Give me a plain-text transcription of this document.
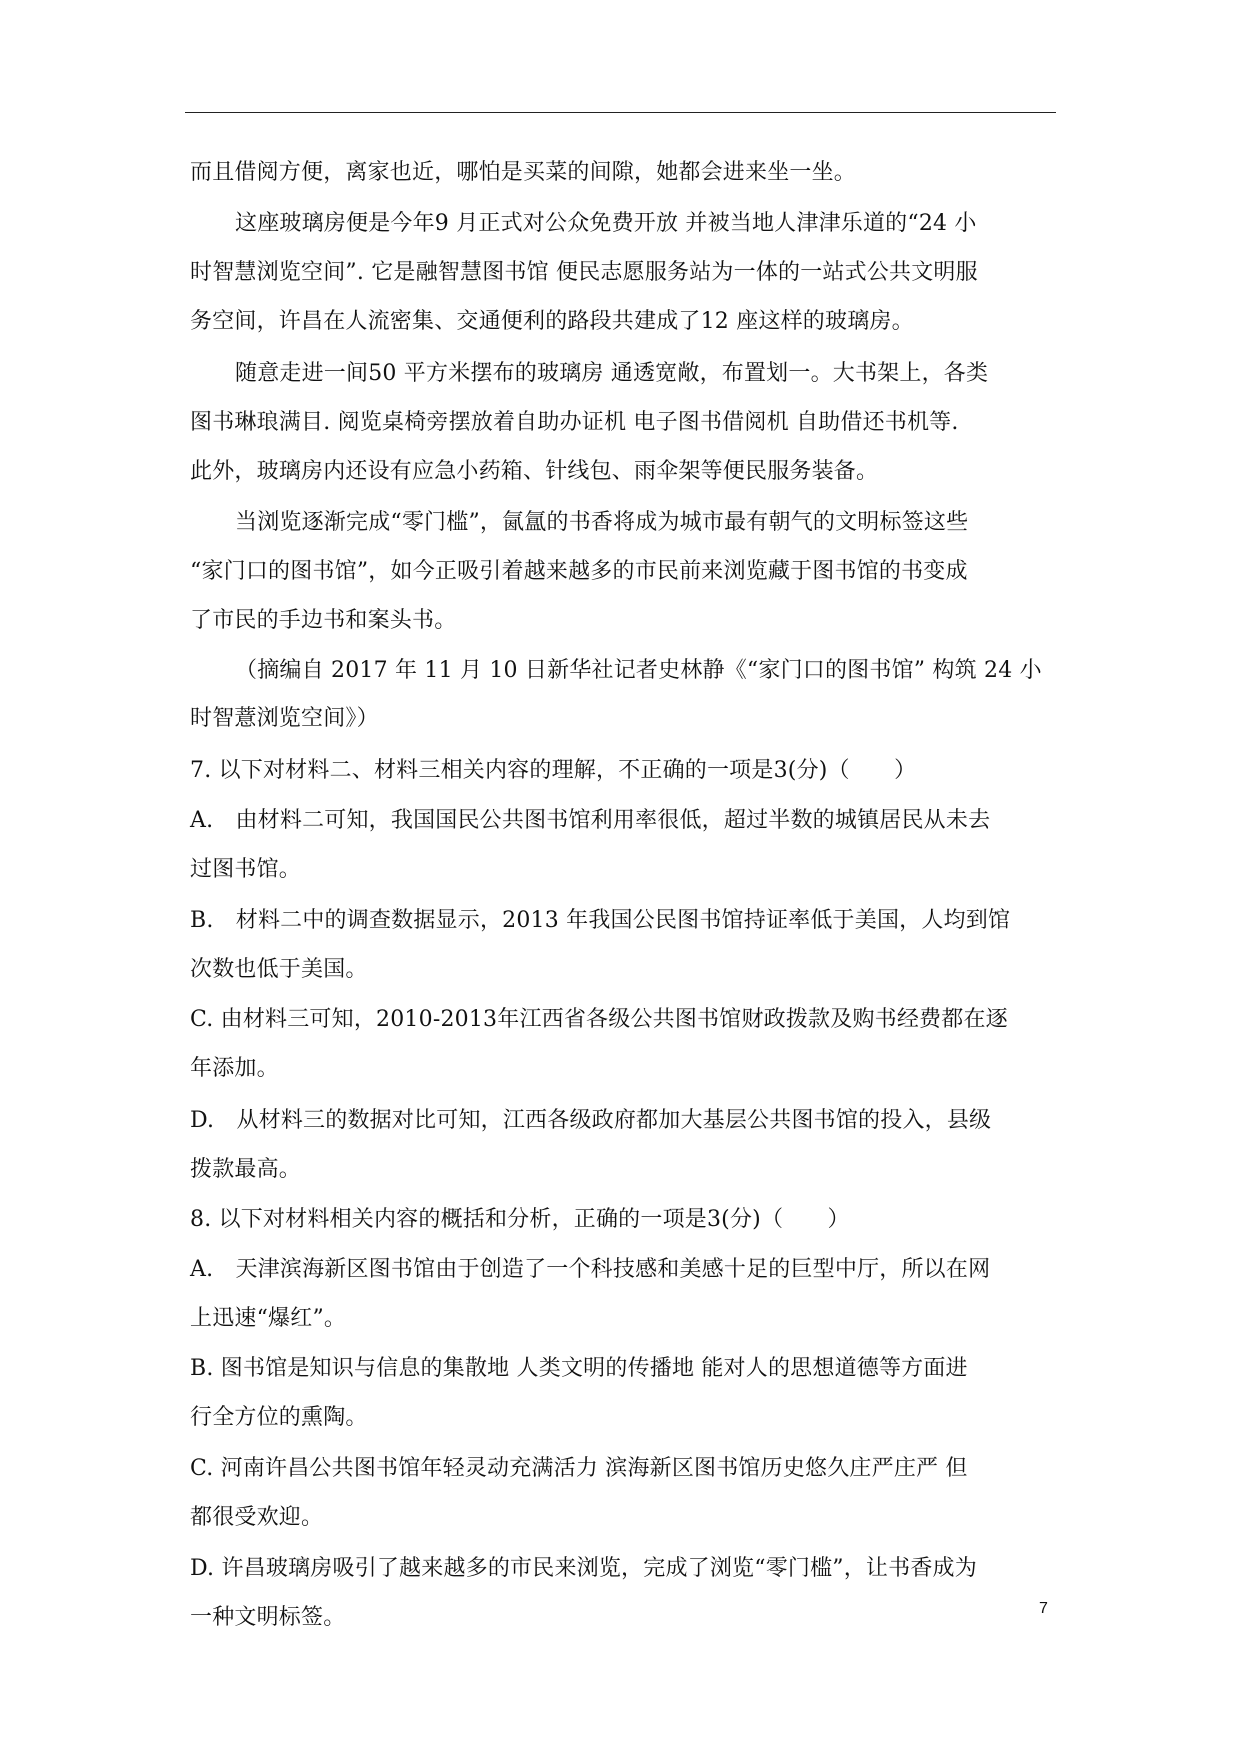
而且借阅方便，离家也近，哪怕是买菜的间隙，她都会进来坐一坐。
这座玻璃房便是今年9 月正式对公众免费开放 并被当地人津津乐道的“24 小
时智慧浏览空间”. 它是融智慧图书馆 便民志愿服务站为一体的一站式公共文明服
务空间，许昌在人流密集、交通便利的路段共建成了12 座这样的玻璃房。
随意走进一间50 平方米摆布的玻璃房 通透宽敞，布置划一。大书架上，各类
图书琳琅满目. 阅览桌椅旁摆放着自助办证机 电子图书借阅机 自助借还书机等.
此外，玻璃房内还设有应急小药箱、针线包、雨伞架等便民服务装备。
当浏览逐渐完成“零门槛”，氤氲的书香将成为城市最有朝气的文明标签这些
“家门口的图书馆”，如今正吸引着越来越多的市民前来浏览藏于图书馆的书变成
了市民的手边书和案头书。
（摘编自 2017 年 11 月 10 日新华社记者史林静《“家门口的图书馆” 构筑 24 小
时智薏浏览空间》）
7. 以下对材料二、材料三相关内容的理解，不正确的一项是3(分)（　　）
A.　由材料二可知，我国国民公共图书馆利用率很低，超过半数的城镇居民从未去
过图书馆。
B.　材料二中的调查数据显示，2013 年我国公民图书馆持证率低于美国，人均到馆
次数也低于美国。
C. 由材料三可知，2010-2013年江西省各级公共图书馆财政拨款及购书经费都在逐
年添加。
D.　从材料三的数据对比可知，江西各级政府都加大基层公共图书馆的投入，县级
拨款最高。
8. 以下对材料相关内容的概括和分析，正确的一项是3(分)（　　）
A.　天津滨海新区图书馆由于创造了一个科技感和美感十足的巨型中厅，所以在网
上迅速“爆红”。
B. 图书馆是知识与信息的集散地 人类文明的传播地 能对人的思想道德等方面进
行全方位的熏陶。
C. 河南许昌公共图书馆年轻灵动充满活力 滨海新区图书馆历史悠久庄严庄严 但
都很受欢迎。
D. 许昌玻璃房吸引了越来越多的市民来浏览，完成了浏览“零门槛”，让书香成为
一种文明标签。	7
